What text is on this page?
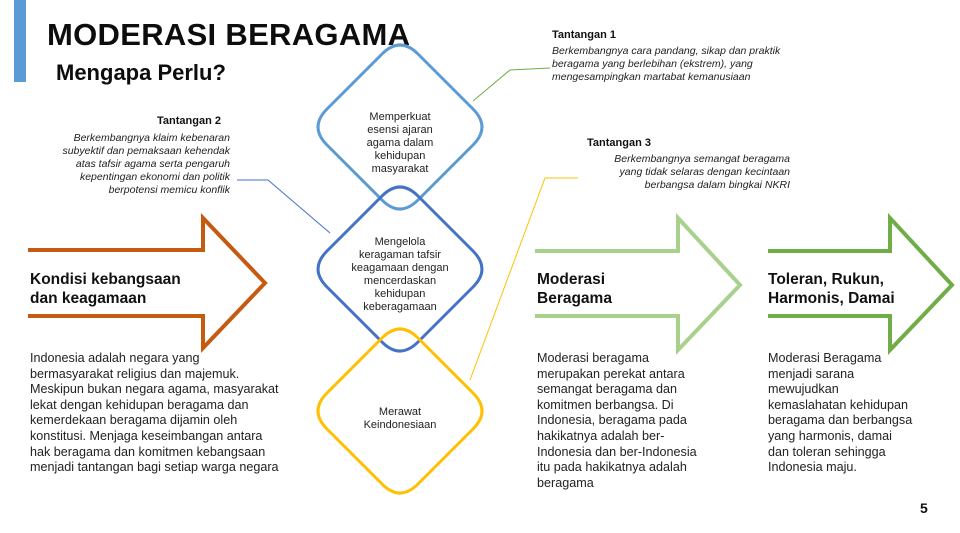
MODERASI BERAGAMA
Mengapa Perlu?
Tantangan 1
Berkembangnya cara pandang, sikap dan praktik
beragama yang berlebihan (ekstrem), yang
mengesampingkan martabat kemanusiaan
Tantangan 2
Berkembangnya klaim kebenaran
subyektif dan pemaksaan kehendak
atas tafsir agama serta pengaruh
kepentingan ekonomi dan politik
berpotensi memicu konflik
Tantangan 3
Berkembangnya semangat beragama
yang tidak selaras dengan kecintaan
berbangsa dalam bingkai NKRI
Memperkuat
esensi ajaran
agama dalam
kehidupan
masyarakat
Mengelola
keragaman tafsir
keagamaan dengan
mencerdaskan
kehidupan
keberagamaan
Merawat
Keindonesiaan
Kondisi kebangsaan
dan keagamaan
Moderasi
Beragama
Toleran, Rukun,
Harmonis, Damai
Indonesia adalah negara yang
bermasyarakat religius dan majemuk.
Meskipun bukan negara agama, masyarakat
lekat dengan kehidupan beragama dan
kemerdekaan beragama dijamin oleh
konstitusi. Menjaga keseimbangan antara
hak beragama dan komitmen kebangsaan
menjadi tantangan bagi setiap warga negara
Moderasi beragama
merupakan perekat antara
semangat beragama dan
komitmen berbangsa. Di
Indonesia, beragama pada
hakikatnya adalah ber-
Indonesia dan ber-Indonesia
itu pada hakikatnya adalah
beragama
Moderasi Beragama
menjadi sarana
mewujudkan
kemaslahatan kehidupan
beragama dan berbangsa
yang harmonis, damai
dan toleran sehingga
Indonesia maju.
5
